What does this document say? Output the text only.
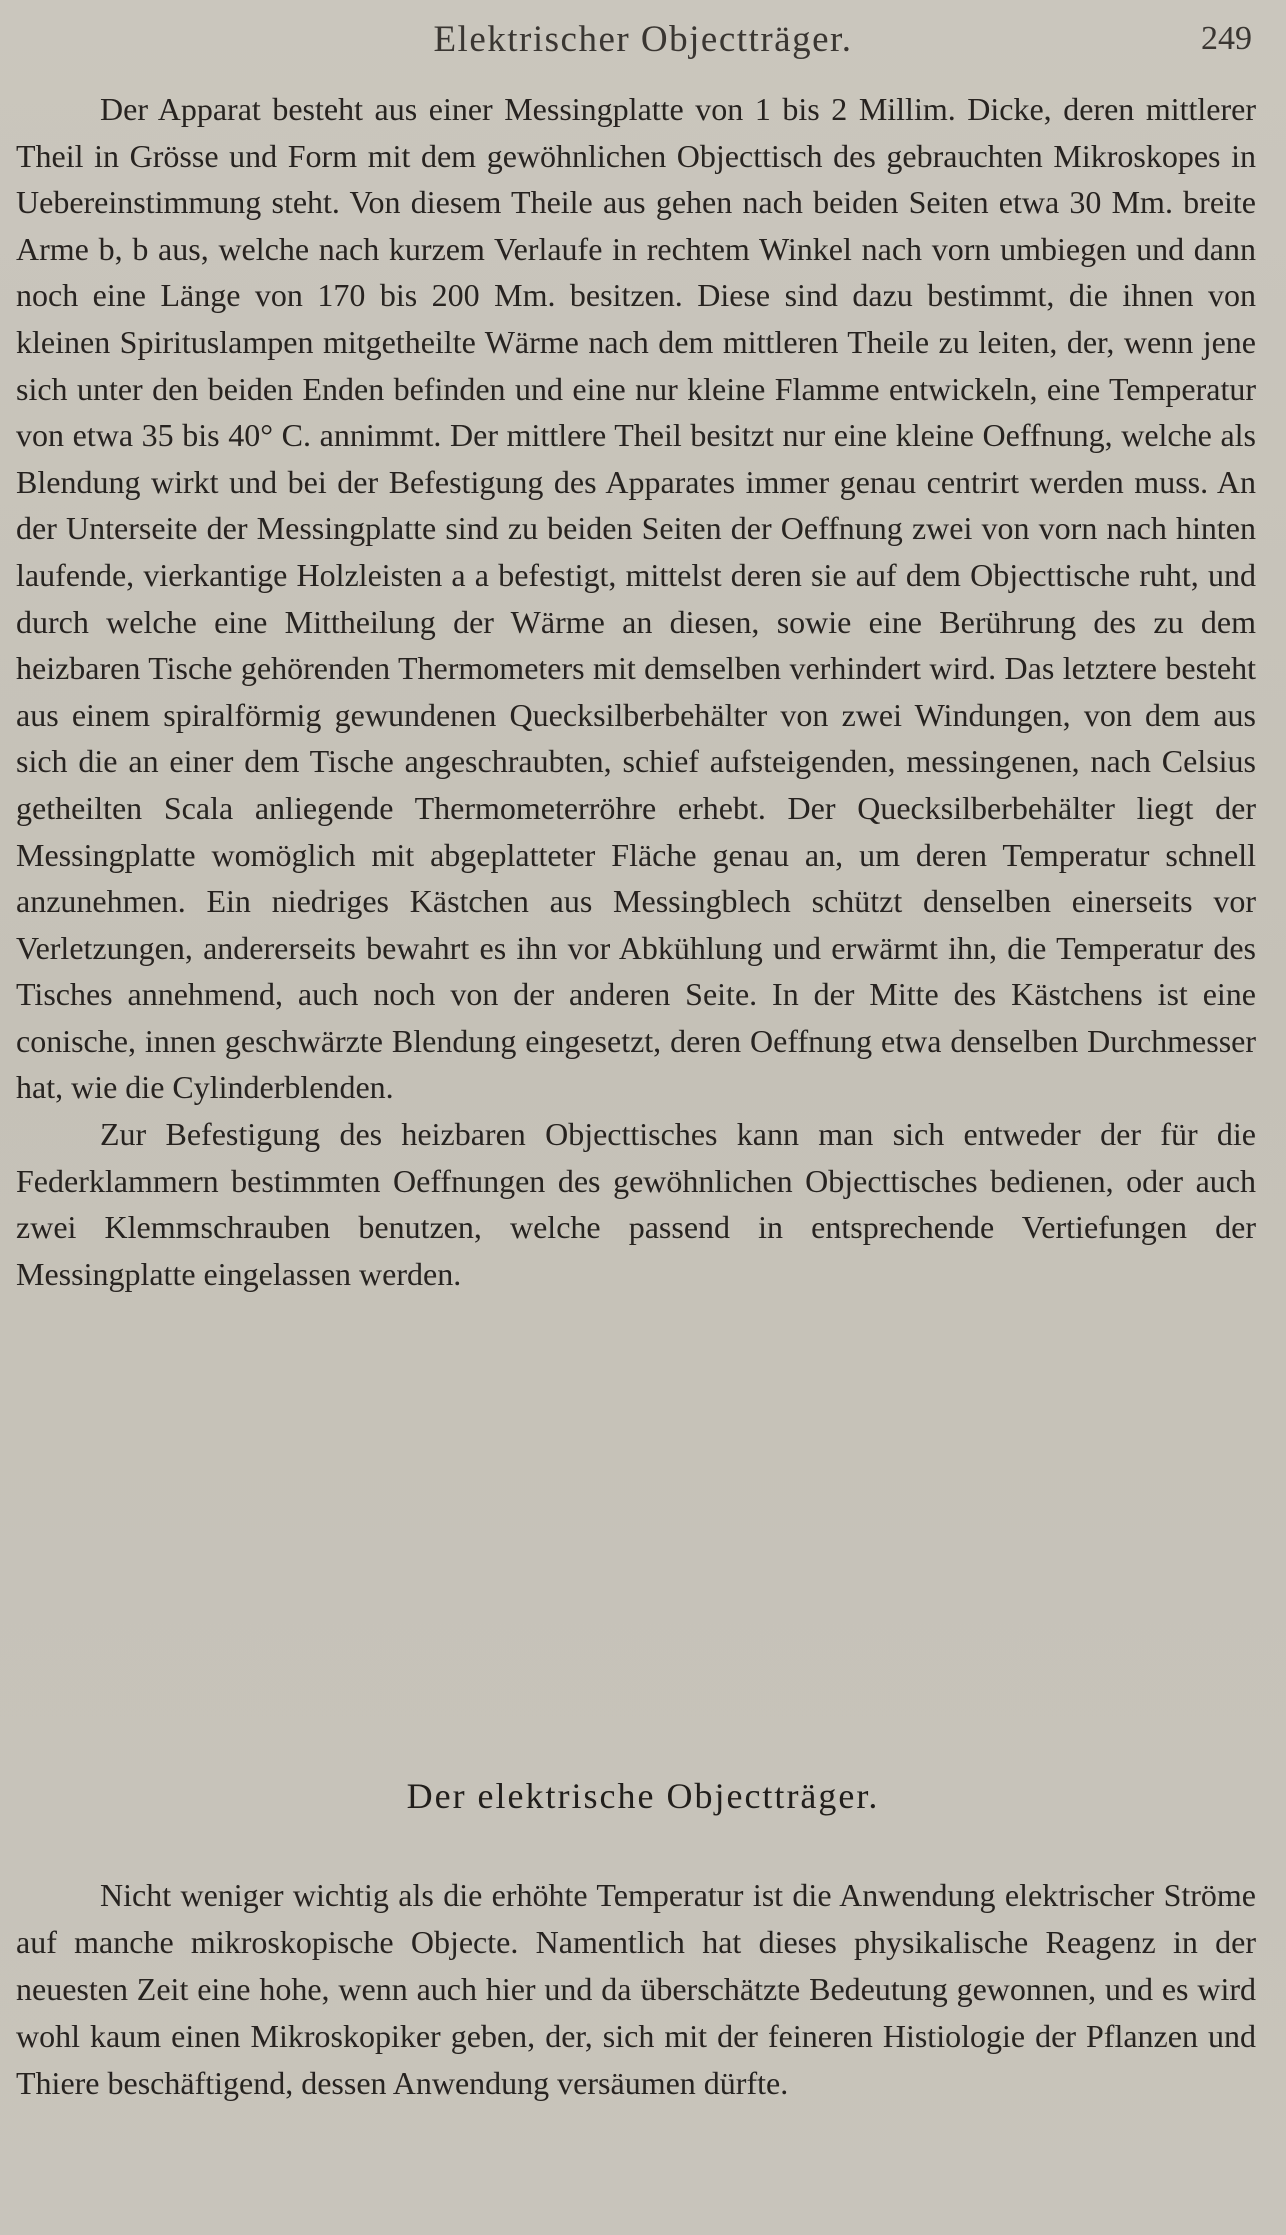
Elektrischer Objectträger.	249

Der Apparat besteht aus einer Messingplatte von 1 bis 2 Millim. Dicke, deren mittlerer Theil in Grösse und Form mit dem gewöhnlichen Objecttisch des gebrauchten Mikroskopes in Uebereinstimmung steht. Von diesem Theile aus gehen nach beiden Seiten etwa 30 Mm. breite Arme b, b aus, welche nach kurzem Verlaufe in rechtem Winkel nach vorn umbiegen und dann noch eine Länge von 170 bis 200 Mm. besitzen. Diese sind dazu bestimmt, die ihnen von kleinen Spirituslampen mitgetheilte Wärme nach dem mittleren Theile zu leiten, der, wenn jene sich unter den beiden Enden befinden und eine nur kleine Flamme entwickeln, eine Temperatur von etwa 35 bis 40° C. annimmt. Der mittlere Theil besitzt nur eine kleine Oeffnung, welche als Blendung wirkt und bei der Befestigung des Apparates immer genau centrirt werden muss. An der Unterseite der Messingplatte sind zu beiden Seiten der Oeffnung zwei von vorn nach hinten laufende, vierkantige Holzleisten a a befestigt, mittelst deren sie auf dem Objecttische ruht, und durch welche eine Mittheilung der Wärme an diesen, sowie eine Berührung des zu dem heizbaren Tische gehörenden Thermometers mit demselben verhindert wird. Das letztere besteht aus einem spiralförmig gewundenen Quecksilberbehälter von zwei Windungen, von dem aus sich die an einer dem Tische angeschraubten, schief aufsteigenden, messingenen, nach Celsius getheilten Scala anliegende Thermometerröhre erhebt. Der Quecksilberbehälter liegt der Messingplatte womöglich mit abgeplatteter Fläche genau an, um deren Temperatur schnell anzunehmen. Ein niedriges Kästchen aus Messingblech schützt denselben einerseits vor Verletzungen, andererseits bewahrt es ihn vor Abkühlung und erwärmt ihn, die Temperatur des Tisches annehmend, auch noch von der anderen Seite. In der Mitte des Kästchens ist eine conische, innen geschwärzte Blendung eingesetzt, deren Oeffnung etwa denselben Durchmesser hat, wie die Cylinderblenden.

Zur Befestigung des heizbaren Objecttisches kann man sich entweder der für die Federklammern bestimmten Oeffnungen des gewöhnlichen Objecttisches bedienen, oder auch zwei Klemmschrauben benutzen, welche passend in entsprechende Vertiefungen der Messingplatte eingelassen werden.

Der elektrische Objectträger.

Nicht weniger wichtig als die erhöhte Temperatur ist die Anwendung elektrischer Ströme auf manche mikroskopische Objecte. Namentlich hat dieses physikalische Reagenz in der neuesten Zeit eine hohe, wenn auch hier und da überschätzte Bedeutung gewonnen, und es wird wohl kaum einen Mikroskopiker geben, der, sich mit der feineren Histiologie der Pflanzen und Thiere beschäftigend, dessen Anwendung versäumen dürfte.
